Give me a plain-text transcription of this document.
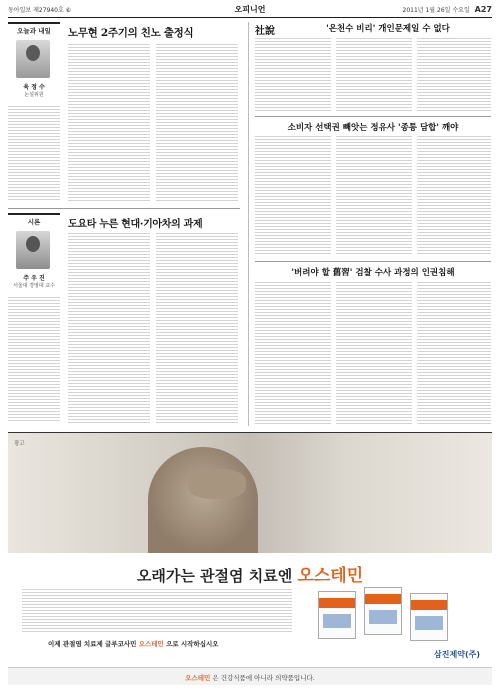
동아일보 제27940호 ⑥	오피니언	2011년 1월 26일 수요일 A27
오늘과 내일	노무현 2주기의 친노 출정식
육 정 수
논설위원
시론	도요타 누른 현대·기아차의 과제
주 우 진
서울대 경영대 교수
社說	'온천수 비리' 개인문제일 수 없다
소비자 선택권 빼앗는 정유사 '종통 담합' 깨야
'버려야 할 舊習' 검찰 수사 과정의 인권침해
광고
오래가는 관절염 치료엔 오스테민
이제 관절염 치료제 글루코사민 오스테민 으로 시작하십시오
삼진제약(주)
오스테민 은 건강식품에 아니라 의약품입니다.
